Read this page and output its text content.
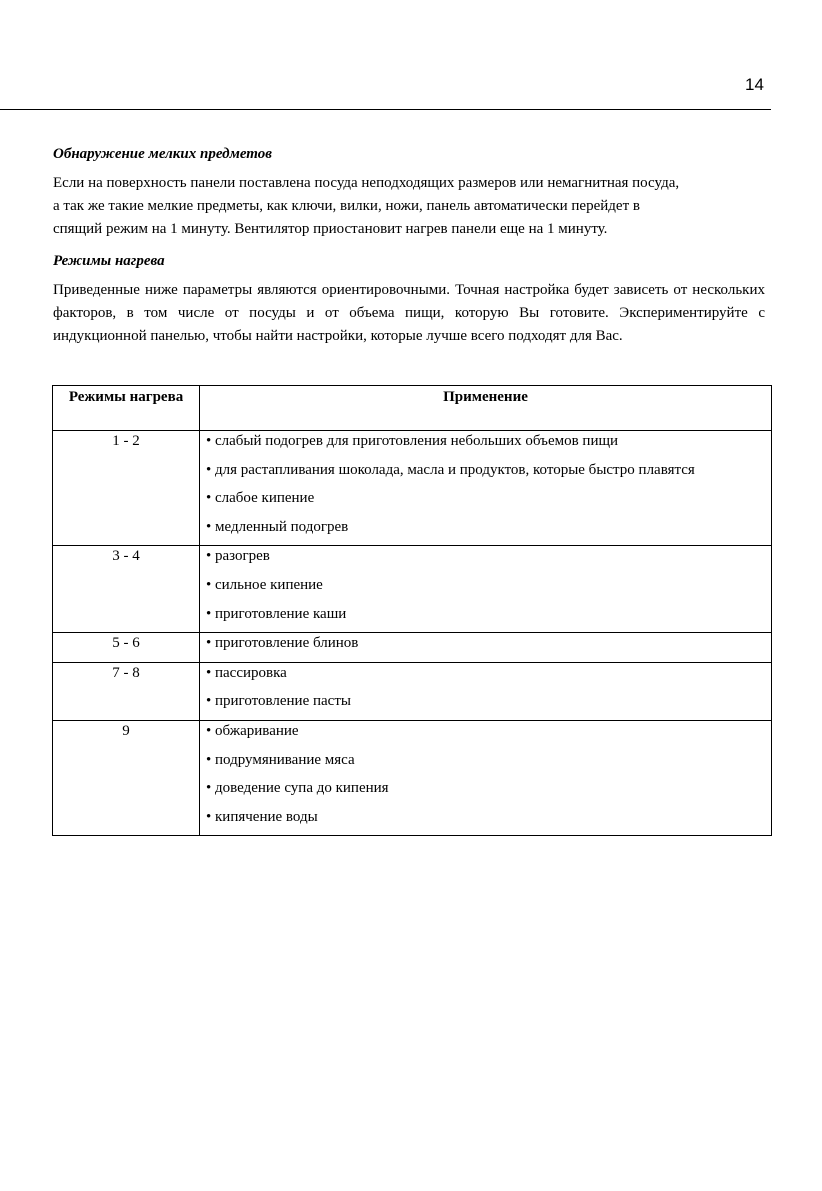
14
Обнаружение мелких предметов
Если на поверхность панели поставлена посуда неподходящих размеров или немагнитная посуда,
а так же такие мелкие предметы, как ключи, вилки, ножи, панель автоматически перейдет в
спящий режим на 1 минуту. Вентилятор приостановит нагрев панели еще на 1 минуту.
Режимы нагрева
Приведенные ниже параметры являются ориентировочными. Точная настройка будет зависеть от нескольких факторов, в том числе от посуды и от объема пищи, которую Вы готовите. Экспериментируйте с индукционной панелью, чтобы найти настройки, которые лучше всего подходят для Вас.
Режимы нагрева	Применение

1 - 2	• слабый подогрев для приготовления небольших объемов пищи
• для растапливания шоколада, масла и продуктов, которые быстро плавятся
• слабое кипение
• медленный подогрев

3 - 4	• разогрев
• сильное кипение
• приготовление каши

5 - 6	• приготовление блинов

7 - 8	• пассировка
• приготовление пасты

9	• обжаривание
• подрумянивание мяса
• доведение супа до кипения
• кипячение воды
